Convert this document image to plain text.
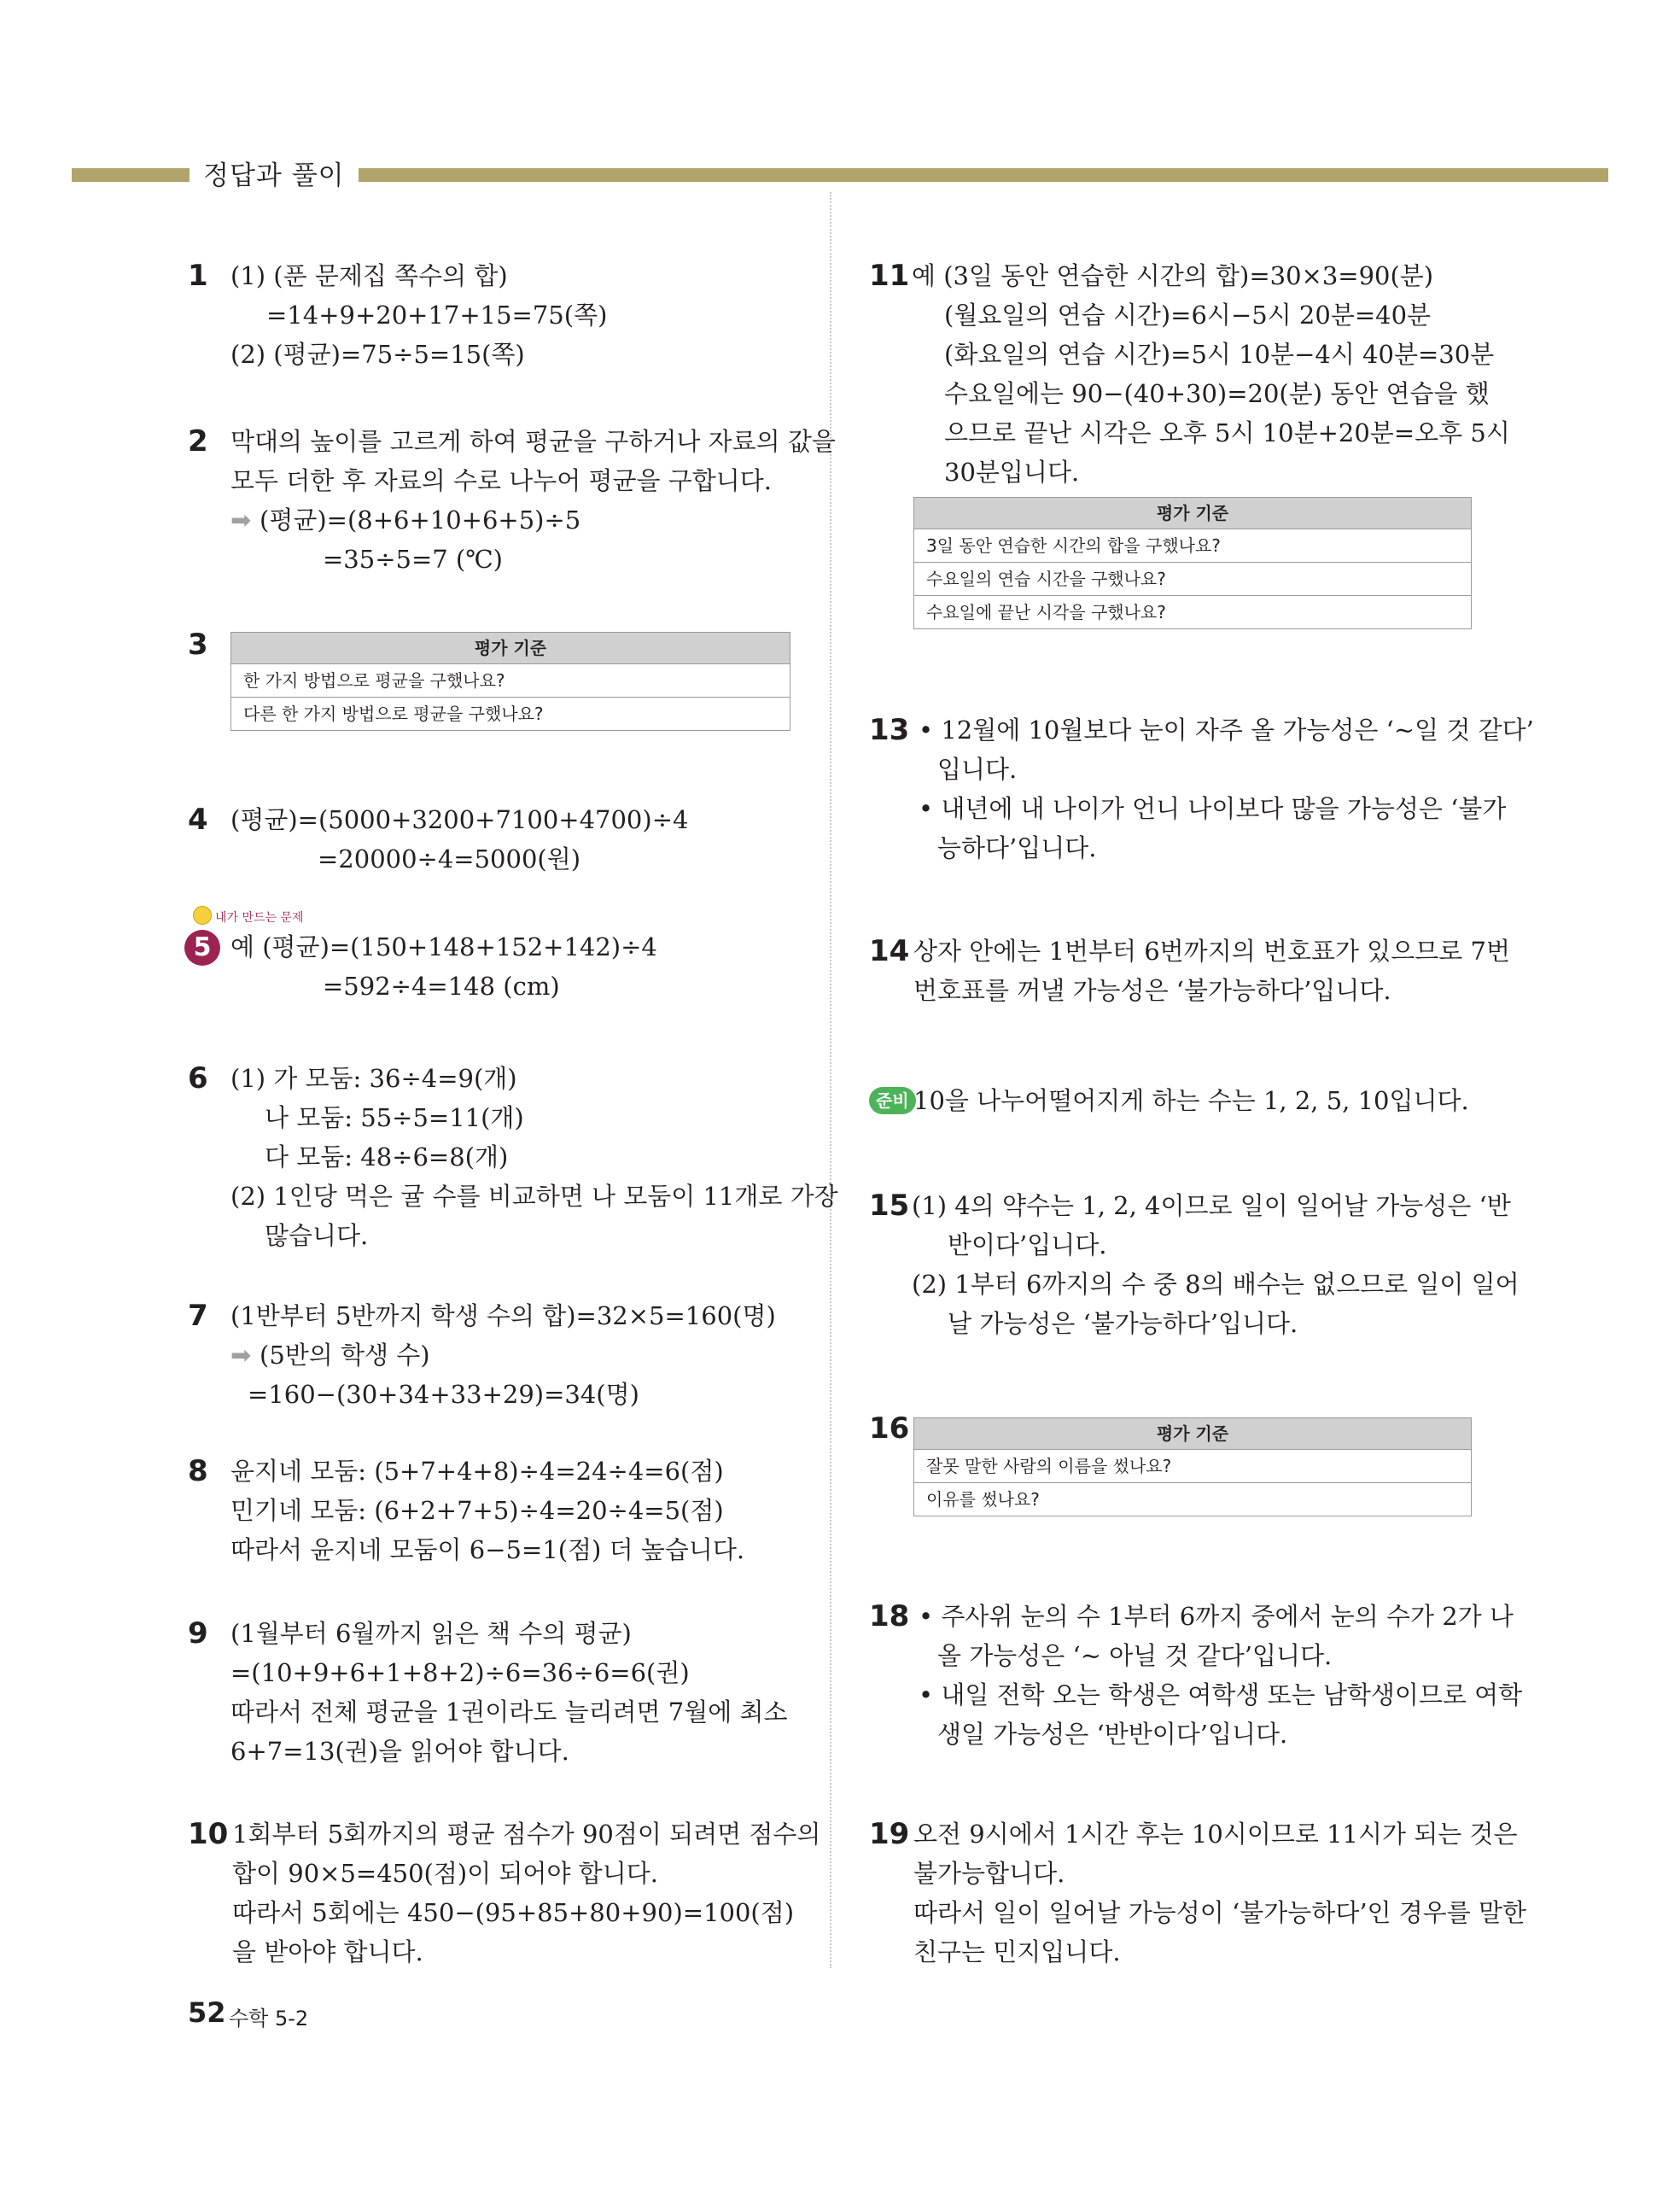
정답과 풀이
1 (1) (푼 문제집 쪽수의 합)
=14+9+20+17+15=75(쪽)
(2) (평균)=75÷5=15(쪽)
2 막대의 높이를 고르게 하여 평균을 구하거나 자료의 값을
모두 더한 후 자료의 수로 나누어 평균을 구합니다.
➡ (평균)=(8+6+10+6+5)÷5
=35÷5=7 (℃)
3	평가 기준
한 가지 방법으로 평균을 구했나요?
다른 한 가지 방법으로 평균을 구했나요?
4 (평균)=(5000+3200+7100+4700)÷4
=20000÷4=5000(원)
내가 만드는 문제
5 예 (평균)=(150+148+152+142)÷4
=592÷4=148 (cm)
6 (1) 가 모둠: 36÷4=9(개)
나 모둠: 55÷5=11(개)
다 모둠: 48÷6=8(개)
(2) 1인당 먹은 귤 수를 비교하면 나 모둠이 11개로 가장
많습니다.
7 (1반부터 5반까지 학생 수의 합)=32×5=160(명)
➡ (5반의 학생 수)
=160−(30+34+33+29)=34(명)
8 윤지네 모둠: (5+7+4+8)÷4=24÷4=6(점)
민기네 모둠: (6+2+7+5)÷4=20÷4=5(점)
따라서 윤지네 모둠이 6−5=1(점) 더 높습니다.
9 (1월부터 6월까지 읽은 책 수의 평균)
=(10+9+6+1+8+2)÷6=36÷6=6(권)
따라서 전체 평균을 1권이라도 늘리려면 7월에 최소
6+7=13(권)을 읽어야 합니다.
10 1회부터 5회까지의 평균 점수가 90점이 되려면 점수의
합이 90×5=450(점)이 되어야 합니다.
따라서 5회에는 450−(95+85+80+90)=100(점)
을 받아야 합니다.
11 예 (3일 동안 연습한 시간의 합)=30×3=90(분)
(월요일의 연습 시간)=6시−5시 20분=40분
(화요일의 연습 시간)=5시 10분−4시 40분=30분
수요일에는 90−(40+30)=20(분) 동안 연습을 했
으므로 끝난 시각은 오후 5시 10분+20분=오후 5시
30분입니다.
평가 기준
3일 동안 연습한 시간의 합을 구했나요?
수요일의 연습 시간을 구했나요?
수요일에 끝난 시각을 구했나요?
13 • 12월에 10월보다 눈이 자주 올 가능성은 ‘~일 것 같다’
입니다.
• 내년에 내 나이가 언니 나이보다 많을 가능성은 ‘불가
능하다’입니다.
14 상자 안에는 1번부터 6번까지의 번호표가 있으므로 7번
번호표를 꺼낼 가능성은 ‘불가능하다’입니다.
준비 10을 나누어떨어지게 하는 수는 1, 2, 5, 10입니다.
15 (1) 4의 약수는 1, 2, 4이므로 일이 일어날 가능성은 ‘반
반이다’입니다.
(2) 1부터 6까지의 수 중 8의 배수는 없으므로 일이 일어
날 가능성은 ‘불가능하다’입니다.
16	평가 기준
잘못 말한 사람의 이름을 썼나요?
이유를 썼나요?
18 • 주사위 눈의 수 1부터 6까지 중에서 눈의 수가 2가 나
올 가능성은 ‘~ 아닐 것 같다’입니다.
• 내일 전학 오는 학생은 여학생 또는 남학생이므로 여학
생일 가능성은 ‘반반이다’입니다.
19 오전 9시에서 1시간 후는 10시이므로 11시가 되는 것은
불가능합니다.
따라서 일이 일어날 가능성이 ‘불가능하다’인 경우를 말한
친구는 민지입니다.
52 수학 5-2
